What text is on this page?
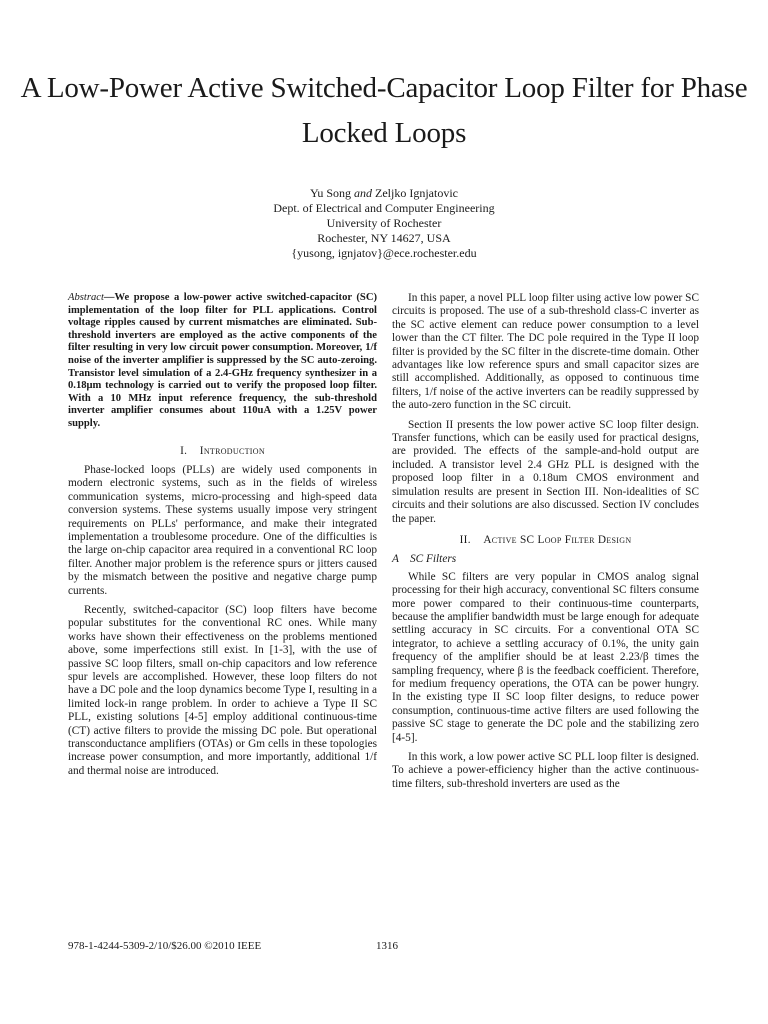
A Low-Power Active Switched-Capacitor Loop Filter for Phase Locked Loops
Yu Song and Zeljko Ignjatovic
Dept. of Electrical and Computer Engineering
University of Rochester
Rochester, NY 14627, USA
{yusong, ignjatov}@ece.rochester.edu

Abstract—We propose a low-power active switched-capacitor (SC) implementation of the loop filter for PLL applications. Control voltage ripples caused by current mismatches are eliminated. Sub-threshold inverters are employed as the active components of the filter resulting in very low circuit power consumption. Moreover, 1/f noise of the inverter amplifier is suppressed by the SC auto-zeroing. Transistor level simulation of a 2.4-GHz frequency synthesizer in a 0.18μm technology is carried out to verify the proposed loop filter. With a 10 MHz input reference frequency, the sub-threshold inverter amplifier consumes about 110uA with a 1.25V power supply.

I. Introduction

Phase-locked loops (PLLs) are widely used components in modern electronic systems, such as in the fields of wireless communication systems, micro-processing and high-speed data conversion systems. These systems usually impose very stringent requirements on PLLs' performance, and make their integrated implementation a troublesome procedure. One of the difficulties is the large on-chip capacitor area required in a conventional RC loop filter. Another major problem is the reference spurs or jitters caused by the mismatch between the positive and negative charge pump currents.

Recently, switched-capacitor (SC) loop filters have become popular substitutes for the conventional RC ones. While many works have shown their effectiveness on the problems mentioned above, some imperfections still exist. In [1-3], with the use of passive SC loop filters, small on-chip capacitors and low reference spur levels are accomplished. However, these loop filters do not have a DC pole and the loop dynamics become Type I, resulting in a limited lock-in range problem. In order to achieve a Type II SC PLL, existing solutions [4-5] employ additional continuous-time (CT) active filters to provide the missing DC pole. But operational transconductance amplifiers (OTAs) or Gm cells in these topologies increase power consumption, and more importantly, additional 1/f and thermal noise are introduced.

In this paper, a novel PLL loop filter using active low power SC circuits is proposed. The use of a sub-threshold class-C inverter as the SC active element can reduce power consumption to a level lower than the CT filter. The DC pole required in the Type II loop filter is provided by the SC filter in the discrete-time domain. Other advantages like low reference spurs and small capacitor sizes are still accomplished. Additionally, as opposed to continuous time filters, 1/f noise of the active inverters can be readily suppressed by the auto-zero function in the SC circuit.

Section II presents the low power active SC loop filter design. Transfer functions, which can be easily used for practical designs, are provided. The effects of the sample-and-hold output are included. A transistor level 2.4 GHz PLL is designed with the proposed loop filter in a 0.18um CMOS environment and simulation results are present in Section III. Non-idealities of SC circuits and their solutions are also discussed. Section IV concludes the paper.

II. Active SC Loop Filter Design
A SC Filters

While SC filters are very popular in CMOS analog signal processing for their high accuracy, conventional SC filters consume more power compared to their continuous-time counterparts, because the amplifier bandwidth must be large enough for adequate settling accuracy in SC circuits. For a conventional OTA SC integrator, to achieve a settling accuracy of 0.1%, the unity gain frequency of the amplifier should be at least 2.23/β times the sampling frequency, where β is the feedback coefficient. Therefore, for medium frequency operations, the OTA can be power hungry. In the existing type II SC loop filter designs, to reduce power consumption, continuous-time active filters are used following the passive SC stage to generate the DC pole and the stabilizing zero [4-5].

In this work, a low power active SC PLL loop filter is designed. To achieve a power-efficiency higher than the active continuous-time filters, sub-threshold inverters are used as the

978-1-4244-5309-2/10/$26.00 ©2010 IEEE	1316
